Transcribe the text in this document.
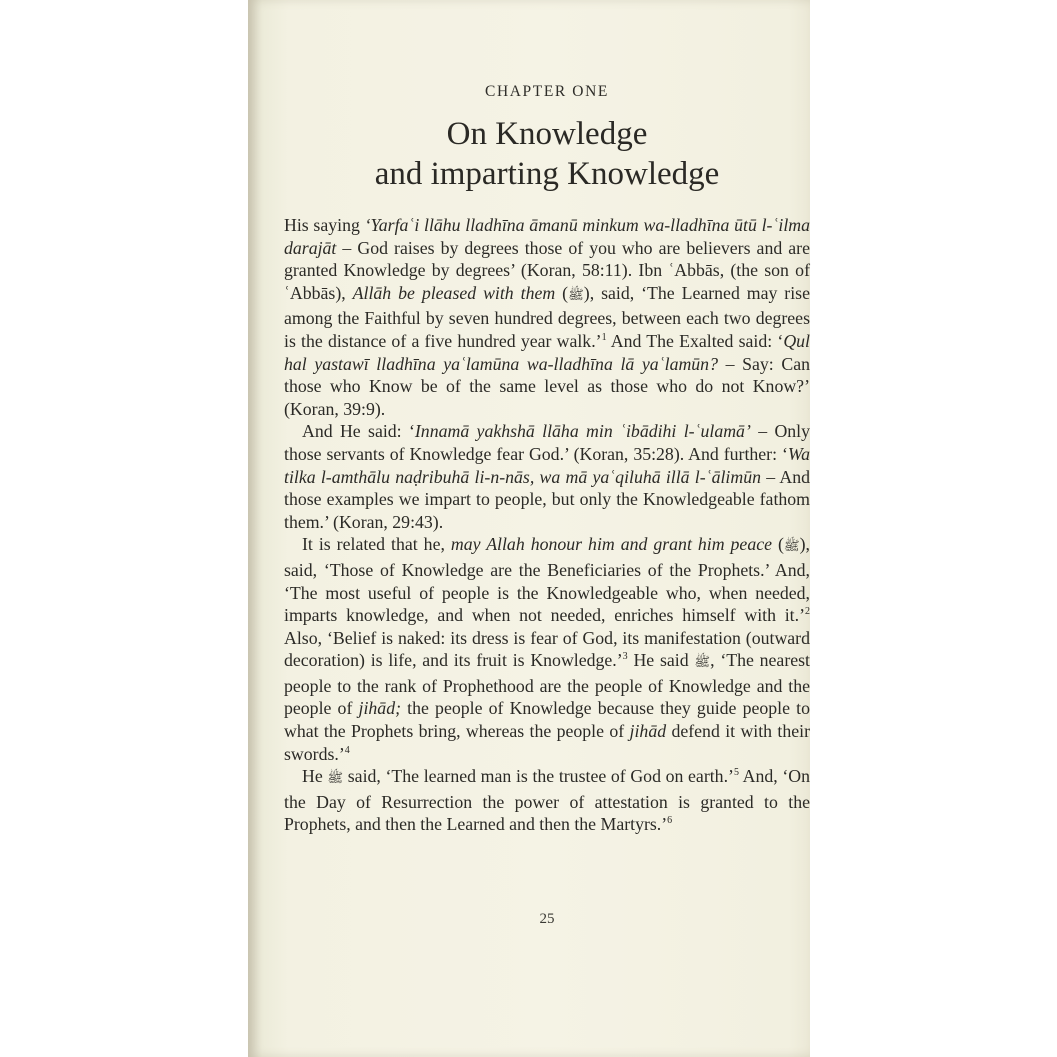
CHAPTER ONE
On Knowledge
and imparting Knowledge

His saying ‘Yarfaʿi llāhu lladhīna āmanū minkum wa-lladhīna ūtū l-ʿilma darajāt – God raises by degrees those of you who are believers and are granted Knowledge by degrees’ (Koran, 58:11). Ibn ʿAbbās, (the son of ʿAbbās), Allāh be pleased with them (ﷺ), said, ‘The Learned may rise among the Faithful by seven hundred degrees, between each two degrees is the distance of a five hundred year walk.’$^1$ And The Exalted said: ‘Qul hal yastawī lladhīna yaʿlamūna wa-lladhīna lā yaʿlamūn? – Say: Can those who Know be of the same level as those who do not Know?’ (Koran, 39:9).

And He said: ‘Innamā yakhshā llāha min ʿibādihi l-ʿulamā’ – Only those servants of Knowledge fear God.’ (Koran, 35:28). And further: ‘Wa tilka l-amthālu naḍribuhā li-n-nās, wa mā yaʿqiluhā illā l-ʿālimūn – And those examples we impart to people, but only the Knowledgeable fathom them.’ (Koran, 29:43).

It is related that he, may Allah honour him and grant him peace (ﷺ), said, ‘Those of Knowledge are the Beneficiaries of the Prophets.’ And, ‘The most useful of people is the Knowledgeable who, when needed, imparts knowledge, and when not needed, enriches himself with it.’$^2$ Also, ‘Belief is naked: its dress is fear of God, its manifestation (outward decoration) is life, and its fruit is Knowledge.’$^3$ He said ﷺ, ‘The nearest people to the rank of Prophethood are the people of Knowledge and the people of jihād; the people of Knowledge because they guide people to what the Prophets bring, whereas the people of jihād defend it with their swords.’$^4$

He ﷺ said, ‘The learned man is the trustee of God on earth.’$^5$ And, ‘On the Day of Resurrection the power of attestation is granted to the Prophets, and then the Learned and then the Martyrs.’$^6$

25
